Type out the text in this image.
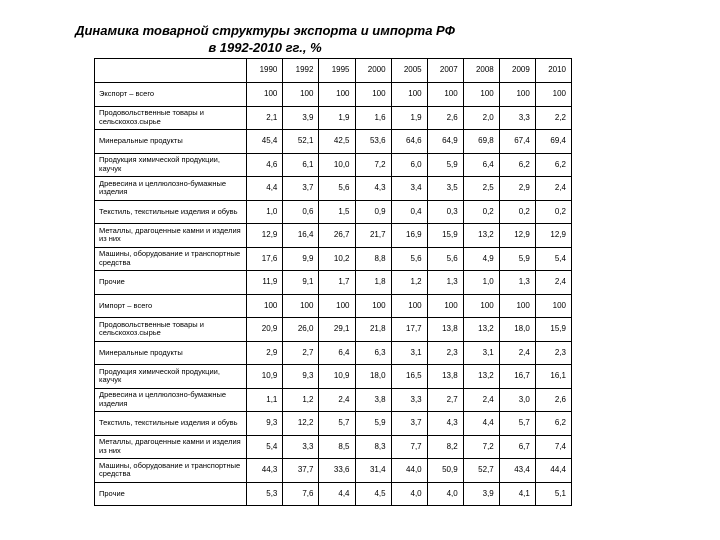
Динамика товарной структуры экспорта и импорта РФ
в 1992-2010 гг., %
	1990	1992	1995	2000	2005	2007	2008	2009	2010
Экспорт – всего	100	100	100	100	100	100	100	100	100
Продовольственные товары и сельскохоз.сырье	2,1	3,9	1,9	1,6	1,9	2,6	2,0	3,3	2,2
Минеральные продукты	45,4	52,1	42,5	53,6	64,6	64,9	69,8	67,4	69,4
Продукция химической продукции, каучук	4,6	6,1	10,0	7,2	6,0	5,9	6,4	6,2	6,2
Древесина и целлюлозно-бумажные изделия	4,4	3,7	5,6	4,3	3,4	3,5	2,5	2,9	2,4
Текстиль, текстильные изделия и обувь	1,0	0,6	1,5	0,9	0,4	0,3	0,2	0,2	0,2
Металлы, драгоценные камни и изделия из них	12,9	16,4	26,7	21,7	16,9	15,9	13,2	12,9	12,9
Машины, оборудование и транспортные средства	17,6	9,9	10,2	8,8	5,6	5,6	4,9	5,9	5,4
Прочие	11,9	9,1	1,7	1,8	1,2	1,3	1,0	1,3	2,4
Импорт – всего	100	100	100	100	100	100	100	100	100
Продовольственные товары и сельскохоз.сырье	20,9	26,0	29,1	21,8	17,7	13,8	13,2	18,0	15,9
Минеральные продукты	2,9	2,7	6,4	6,3	3,1	2,3	3,1	2,4	2,3
Продукция химической продукции, каучук	10,9	9,3	10,9	18,0	16,5	13,8	13,2	16,7	16,1
Древесина и целлюлозно-бумажные изделия	1,1	1,2	2,4	3,8	3,3	2,7	2,4	3,0	2,6
Текстиль, текстильные изделия и обувь	9,3	12,2	5,7	5,9	3,7	4,3	4,4	5,7	6,2
Металлы, драгоценные камни и изделия из них	5,4	3,3	8,5	8,3	7,7	8,2	7,2	6,7	7,4
Машины, оборудование и транспортные средства	44,3	37,7	33,6	31,4	44,0	50,9	52,7	43,4	44,4
Прочие	5,3	7,6	4,4	4,5	4,0	4,0	3,9	4,1	5,1
